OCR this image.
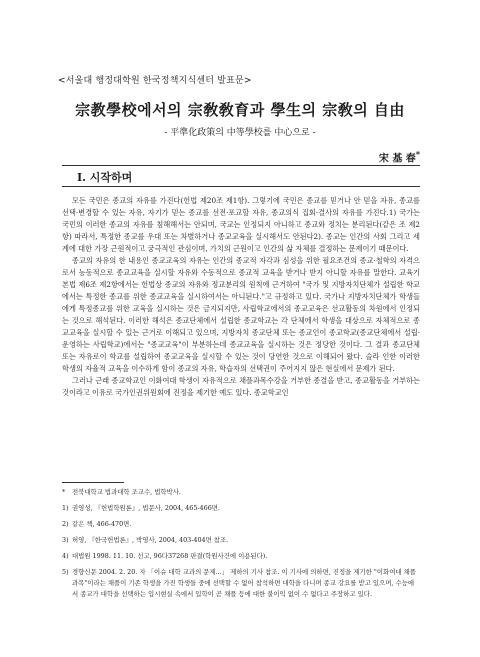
<서울대 행정대학원 한국정책지식센터 발표문>
宗教學校에서의 宗敎敎育과 學生의 宗敎의 自由
- 平準化政策의 中等學校를 中心으로 -
宋 基 春*
I. 시작하며

모든 국민은 종교의 자유를 가진다(헌법 제20조 제1항). 그렇기에 국민은 종교를 믿거나 안 믿을 자유, 종교를 선택·변경할 수 있는 자유, 자기가 믿는 종교를 선전·포교할 자유, 종교의식 집회·결사의 자유를 가진다.1) 국가는 국민의 이러한 종교의 자유를 침해해서는 안되며, 국교는 인정되지 아니하고 종교와 정치는 분리된다(같은 조 제2항) 따라서, 특정한 종교를 우대 또는 차별하거나 종교교육을 실시해서도 안된다2). 종교는 인간의 사회 그리고 세계에 대한 가장 근원적이고 궁극적인 관심이며, 가치의 근원이고 인간의 삶 자체를 결정하는 문제이기 때문이다.

종교의 자유의 한 내용인 종교교육의 자유는 인간의 종교적 자각과 심성을 위한 필요조건의 종교·철학의 자격으로서 능동적으로 종교교육을 실시할 자유와 수동적으로 종교적 교육을 받거나 받지 아니할 자유를 말한다. 교육기본법 제6조 제2항에서는 헌법상 종교의 자유와 정교분리의 원칙에 근거하여 "국가 및 지방자치단체가 설립한 학교에서는 특정한 종교를 위한 종교교육을 실시하여서는 아니된다."고 규정하고 있다. 국가나 지방자치단체가 학생들에게 특정종교를 위한 교육을 실시하는 것은 금지되지만, 사립학교에서의 종교교육은 선교활동의 차원에서 인정되는 것으로 해석된다. 이러한 해석은 종교단체에서 설립한 종교학교는 각 단체에서 학생을 대상으로 자체적으로 종교교육을 실시할 수 있는 근거로 이해되고 있으며, 지방자치 종교단체 또는 종교인이 종교학교(종교단체에서 설립·운영하는 사립학교)에서는 "종교교육"이 부분하는데 종교교육을 실시하는 것은 정당한 것이다. 그 결과 종교단체 또는 자유로이 학교를 설립하여 종교교육을 실시할 수 있는 것이 당연한 것으로 이해되어 왔다. 슬라 인한 이러한 학생의 자율적 교육을 이수하게 함이 종교의 자유, 학습자의 선택권이 주어지지 않은 현실에서 문제가 된다.

그러나 근래 종교학교인 이화여대 학생이 자유적으로 채플과목수강을 거부한 종결을 받고, 종교활동을 거부하는 것이라고 이유로 국가인권위원회에 진정을 제기한 예도 있다. 종교학교인

* 전북대학교 법과대학 조교수, 법학박사.
1) 권영성, 『헌법학원론』, 법문사, 2004, 465-466면.
2) 같은 책, 466-470면.
3) 허영, 『한국헌법론』, 박영사, 2004, 403-404면 참조.
4) 대법원 1998. 11. 10. 선고, 96다37268 판결(학원사건에 이용된다).
5) 경향신문 2004. 2. 20. 자 「이슈 대학 교과의 문제...」 제하의 기사 참조. 이 기사에 의하면, 진정을 제기한 "이화여대 채플과목"이라는 채플이 기존 학생을 가진 학생들 중에 선택할 수 없어 참석하면 대학을 다니며 종교 강요를 받고 있으며, 수능에서 종교가 대학을 선택하는 입시현실 속에서 입학이 곧 채플 등에 대한 불이익 없이 수 없다고 주장하고 있다.
